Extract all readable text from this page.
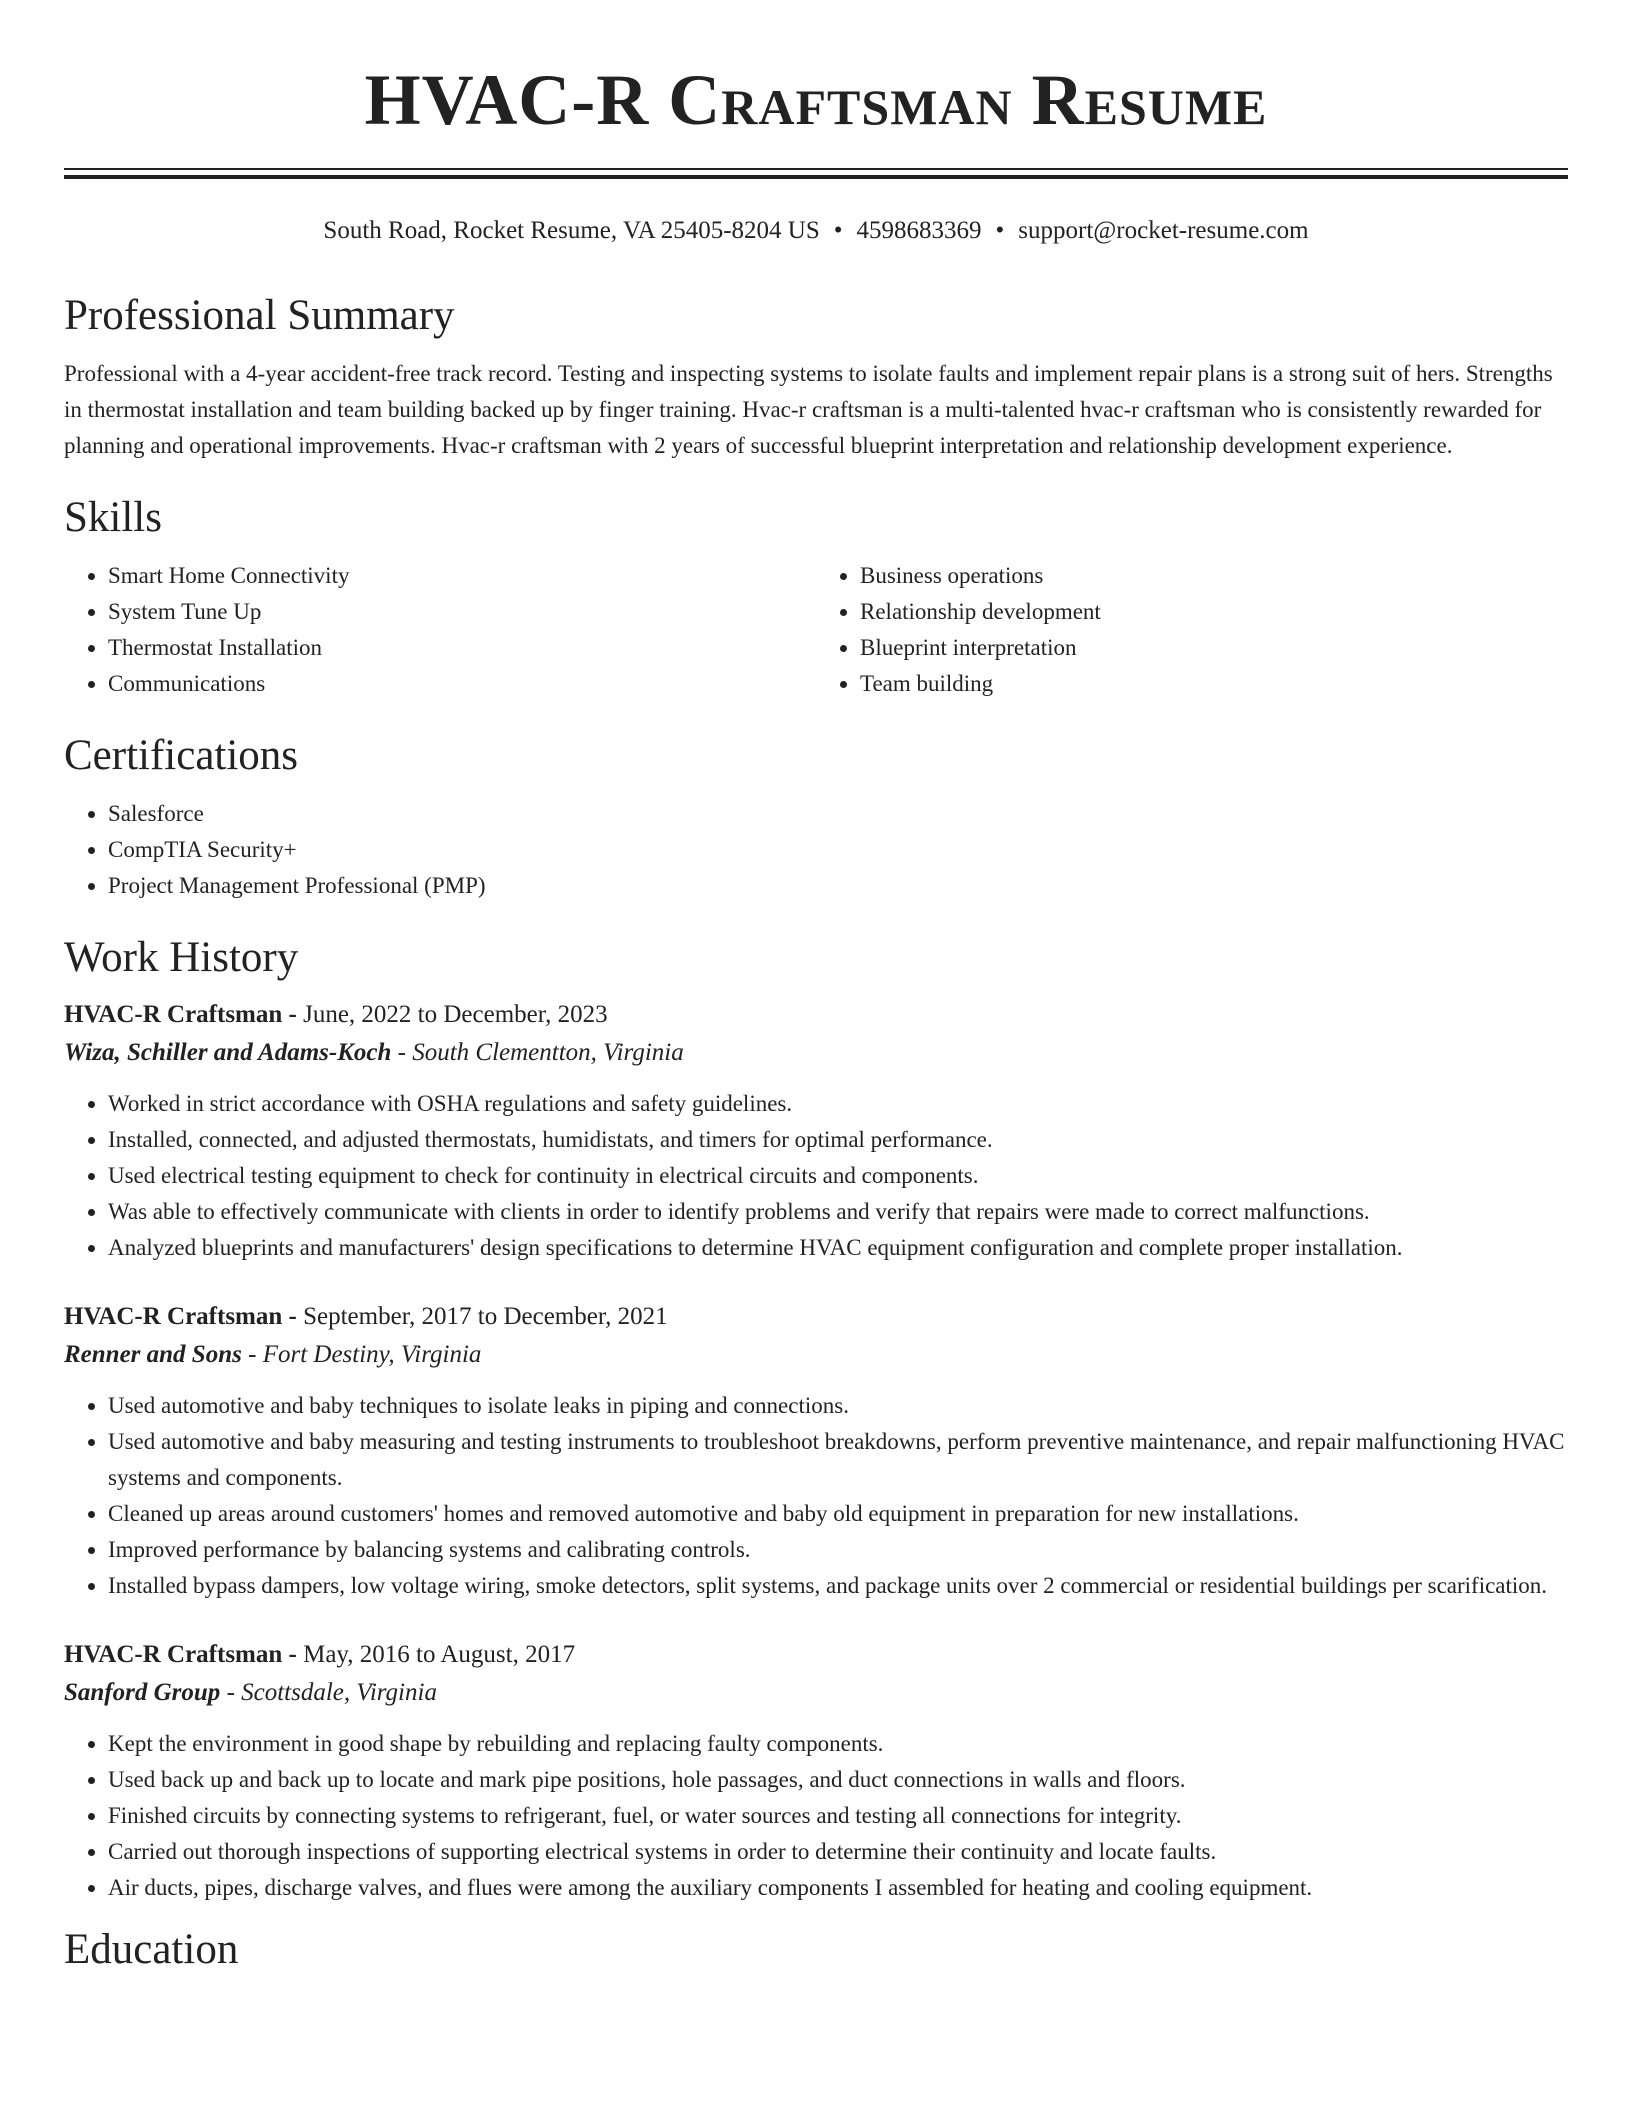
HVAC-R Craftsman Resume
South Road, Rocket Resume, VA 25405-8204 US • 4598683369 • support@rocket-resume.com
Professional Summary

Professional with a 4-year accident-free track record. Testing and inspecting systems to isolate faults and implement repair plans is a strong suit of hers. Strengths in thermostat installation and team building backed up by finger training. Hvac-r craftsman is a multi-talented hvac-r craftsman who is consistently rewarded for planning and operational improvements. Hvac-r craftsman with 2 years of successful blueprint interpretation and relationship development experience.

Skills
• Smart Home Connectivity
• System Tune Up
• Thermostat Installation
• Communications
• Business operations
• Relationship development
• Blueprint interpretation
• Team building
Certifications
• Salesforce
• CompTIA Security+
• Project Management Professional (PMP)
Work History

HVAC-R Craftsman - June, 2022 to December, 2023

Wiza, Schiller and Adams-Koch - South Clementton, Virginia

• Worked in strict accordance with OSHA regulations and safety guidelines.
• Installed, connected, and adjusted thermostats, humidistats, and timers for optimal performance.
• Used electrical testing equipment to check for continuity in electrical circuits and components.
• Was able to effectively communicate with clients in order to identify problems and verify that repairs were made to correct malfunctions.
• Analyzed blueprints and manufacturers' design specifications to determine HVAC equipment configuration and complete proper installation.

HVAC-R Craftsman - September, 2017 to December, 2021

Renner and Sons - Fort Destiny, Virginia

• Used automotive and baby techniques to isolate leaks in piping and connections.
• Used automotive and baby measuring and testing instruments to troubleshoot breakdowns, perform preventive maintenance, and repair malfunctioning HVAC systems and components.
• Cleaned up areas around customers' homes and removed automotive and baby old equipment in preparation for new installations.
• Improved performance by balancing systems and calibrating controls.
• Installed bypass dampers, low voltage wiring, smoke detectors, split systems, and package units over 2 commercial or residential buildings per scarification.

HVAC-R Craftsman - May, 2016 to August, 2017

Sanford Group - Scottsdale, Virginia

• Kept the environment in good shape by rebuilding and replacing faulty components.
• Used back up and back up to locate and mark pipe positions, hole passages, and duct connections in walls and floors.
• Finished circuits by connecting systems to refrigerant, fuel, or water sources and testing all connections for integrity.
• Carried out thorough inspections of supporting electrical systems in order to determine their continuity and locate faults.
• Air ducts, pipes, discharge valves, and flues were among the auxiliary components I assembled for heating and cooling equipment.
Education
